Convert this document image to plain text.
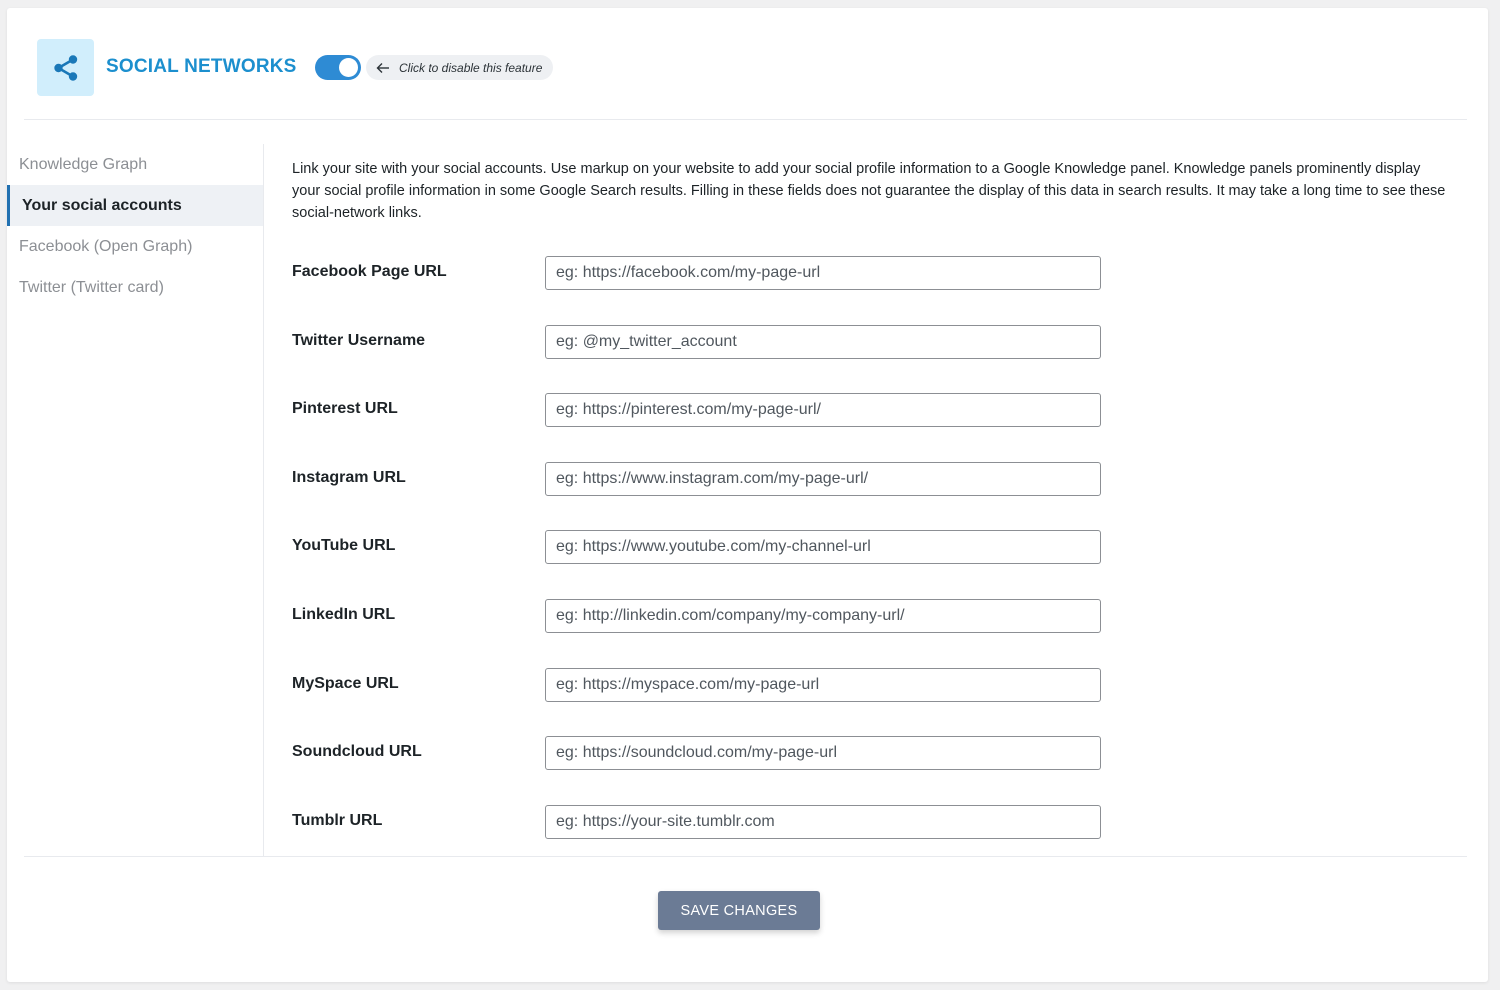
SOCIAL NETWORKS	Click to disable this feature
Knowledge Graph
Your social accounts
Facebook (Open Graph)
Twitter (Twitter card)

Link your site with your social accounts. Use markup on your website to add your social profile information to a Google Knowledge panel. Knowledge panels prominently display your social profile information in some Google Search results. Filling in these fields does not guarantee the display of this data in search results. It may take a long time to see these social-network links.

Facebook Page URL
eg: https://facebook.com/my-page-url
Twitter Username
eg: @my_twitter_account
Pinterest URL
eg: https://pinterest.com/my-page-url/
Instagram URL
eg: https://www.instagram.com/my-page-url/
YouTube URL
eg: https://www.youtube.com/my-channel-url
LinkedIn URL
eg: http://linkedin.com/company/my-company-url/
MySpace URL
eg: https://myspace.com/my-page-url
Soundcloud URL
eg: https://soundcloud.com/my-page-url
Tumblr URL
eg: https://your-site.tumblr.com
SAVE CHANGES
